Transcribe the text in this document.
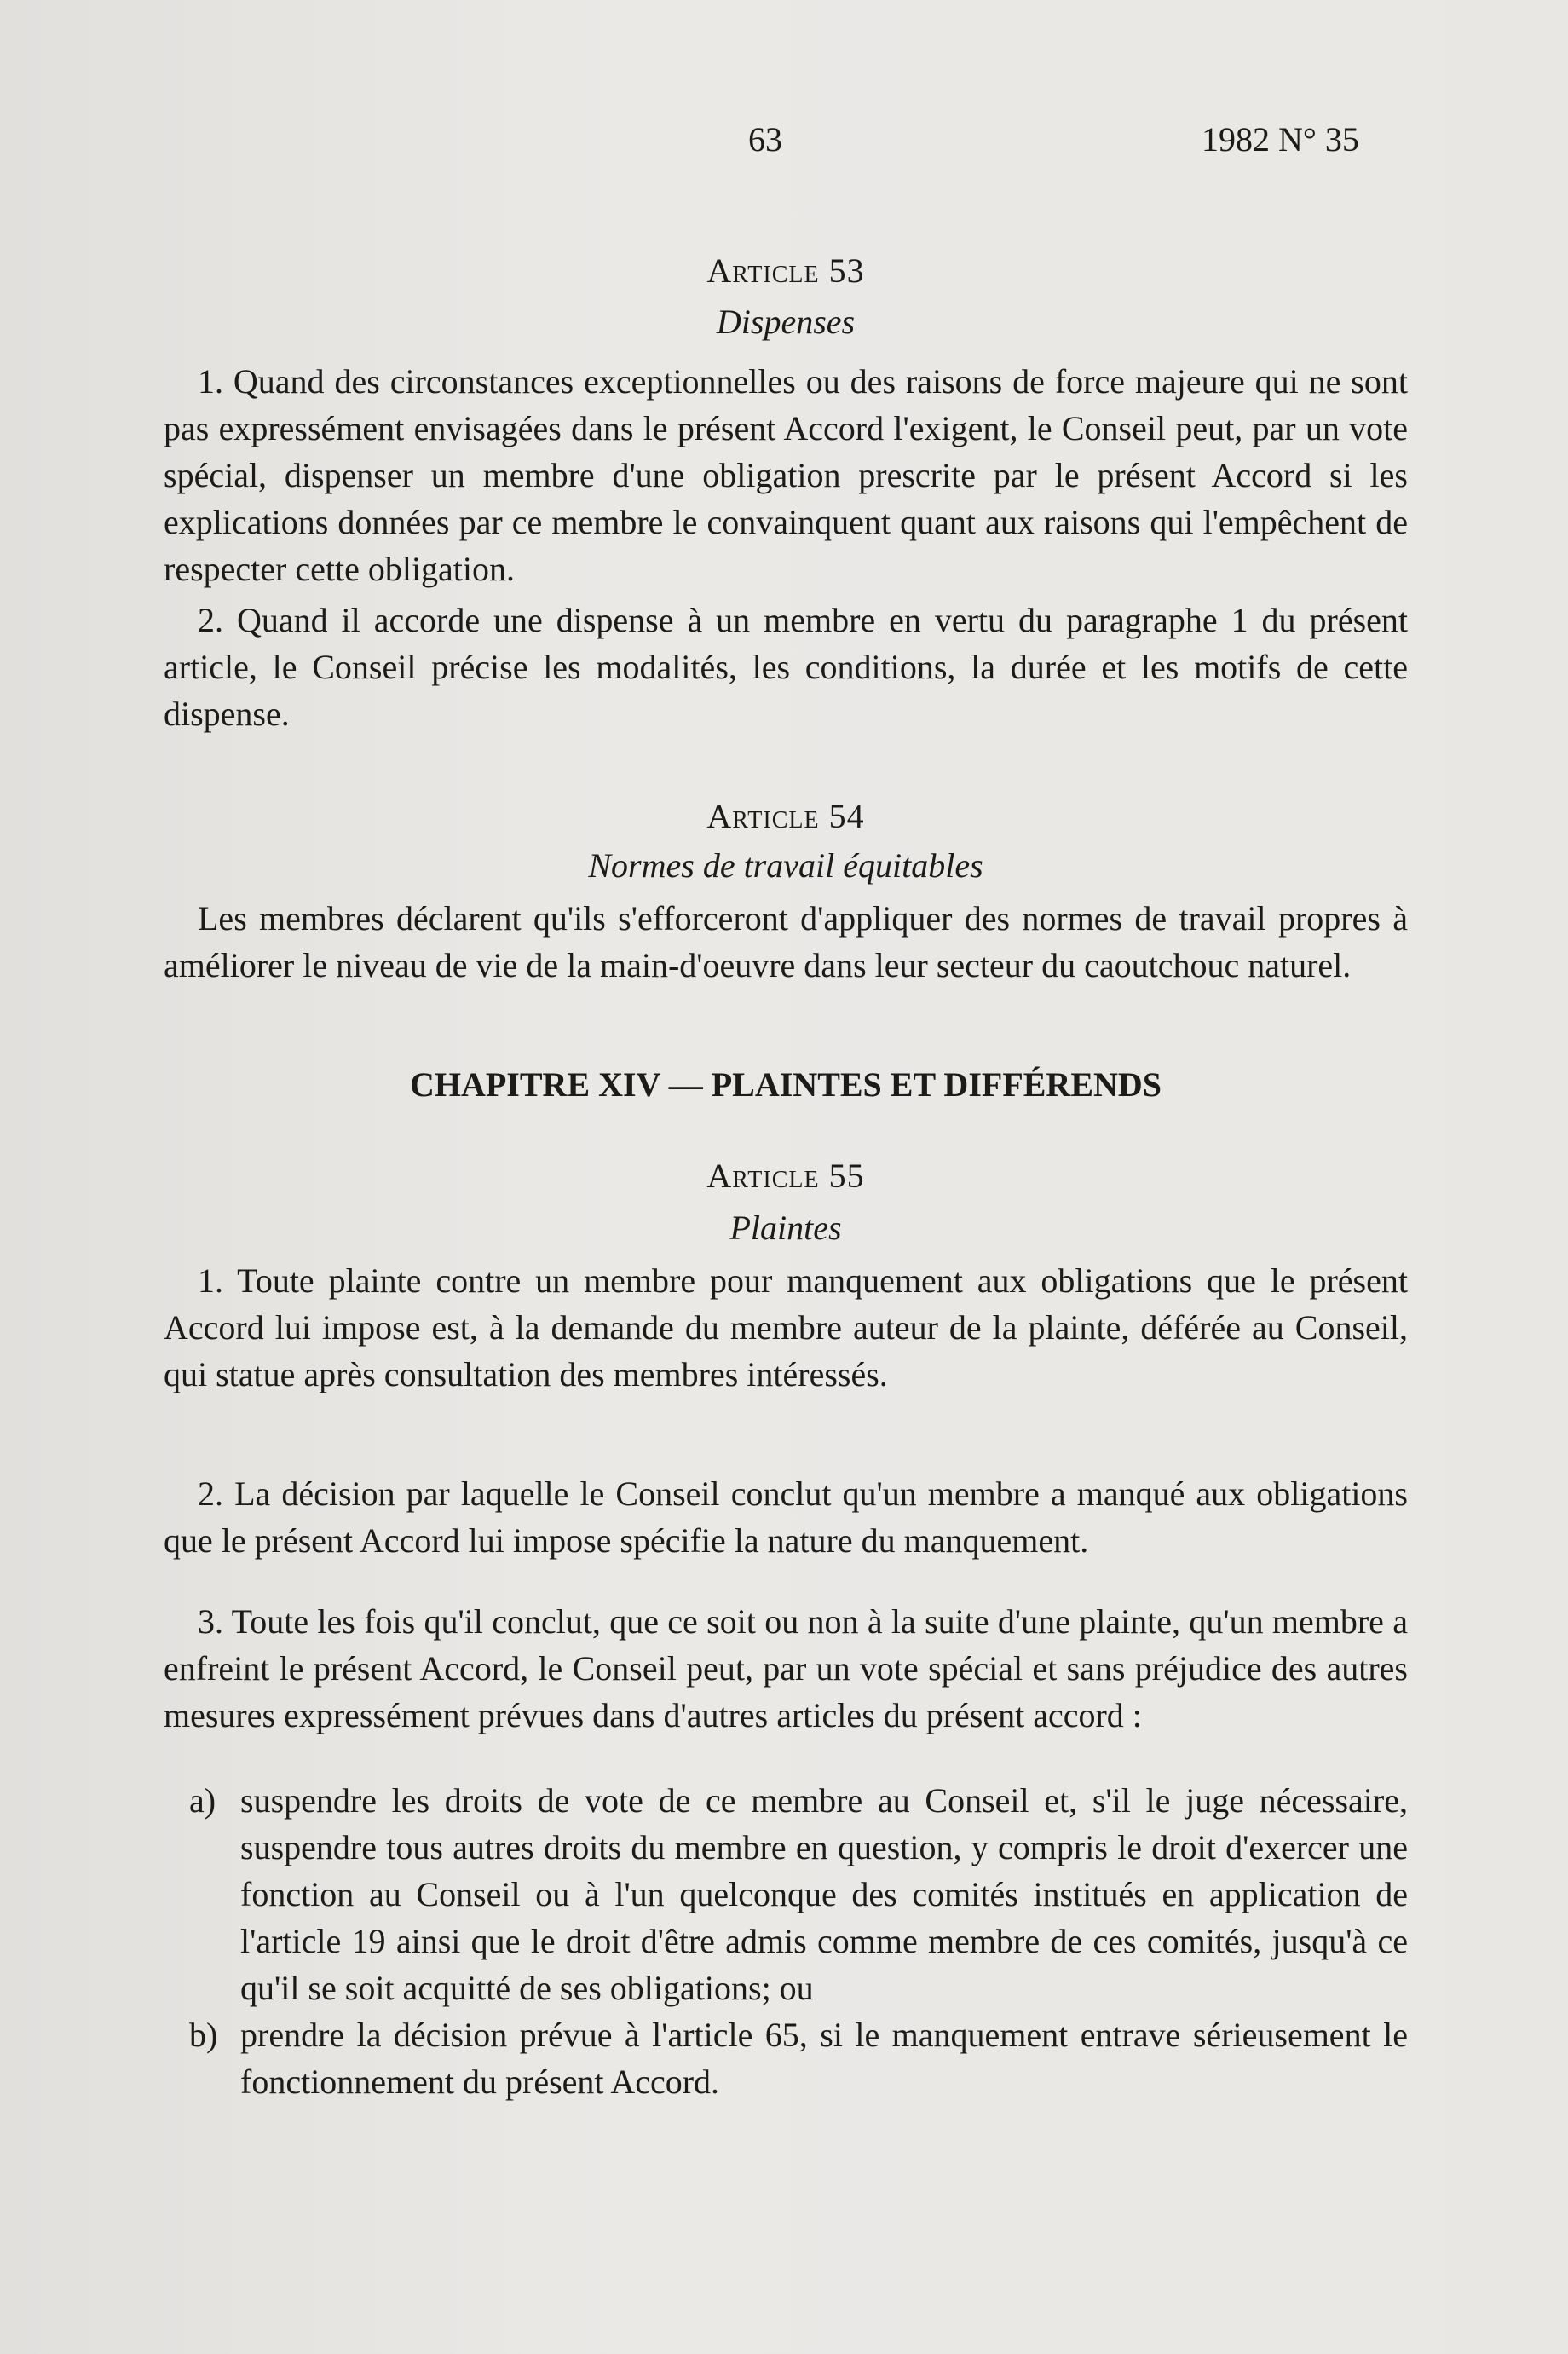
63	1982 N° 35
Article 53
Dispenses
1. Quand des circonstances exceptionnelles ou des raisons de force majeure qui ne sont pas expressément envisagées dans le présent Accord l'exigent, le Conseil peut, par un vote spécial, dispenser un membre d'une obligation prescrite par le présent Accord si les explications données par ce membre le convainquent quant aux raisons qui l'empêchent de respecter cette obligation.
2. Quand il accorde une dispense à un membre en vertu du paragraphe 1 du présent article, le Conseil précise les modalités, les conditions, la durée et les motifs de cette dispense.
Article 54
Normes de travail équitables
Les membres déclarent qu'ils s'efforceront d'appliquer des normes de travail propres à améliorer le niveau de vie de la main-d'oeuvre dans leur secteur du caoutchouc naturel.
CHAPITRE XIV — PLAINTES ET DIFFÉRENDS
Article 55
Plaintes
1. Toute plainte contre un membre pour manquement aux obligations que le présent Accord lui impose est, à la demande du membre auteur de la plainte, déférée au Conseil, qui statue après consultation des membres intéressés.
2. La décision par laquelle le Conseil conclut qu'un membre a manqué aux obligations que le présent Accord lui impose spécifie la nature du manquement.
3. Toute les fois qu'il conclut, que ce soit ou non à la suite d'une plainte, qu'un membre a enfreint le présent Accord, le Conseil peut, par un vote spécial et sans préjudice des autres mesures expressément prévues dans d'autres articles du présent accord :
a) suspendre les droits de vote de ce membre au Conseil et, s'il le juge nécessaire, suspendre tous autres droits du membre en question, y compris le droit d'exercer une fonction au Conseil ou à l'un quelconque des comités institués en application de l'article 19 ainsi que le droit d'être admis comme membre de ces comités, jusqu'à ce qu'il se soit acquitté de ses obligations; ou
b) prendre la décision prévue à l'article 65, si le manquement entrave sérieusement le fonctionnement du présent Accord.
